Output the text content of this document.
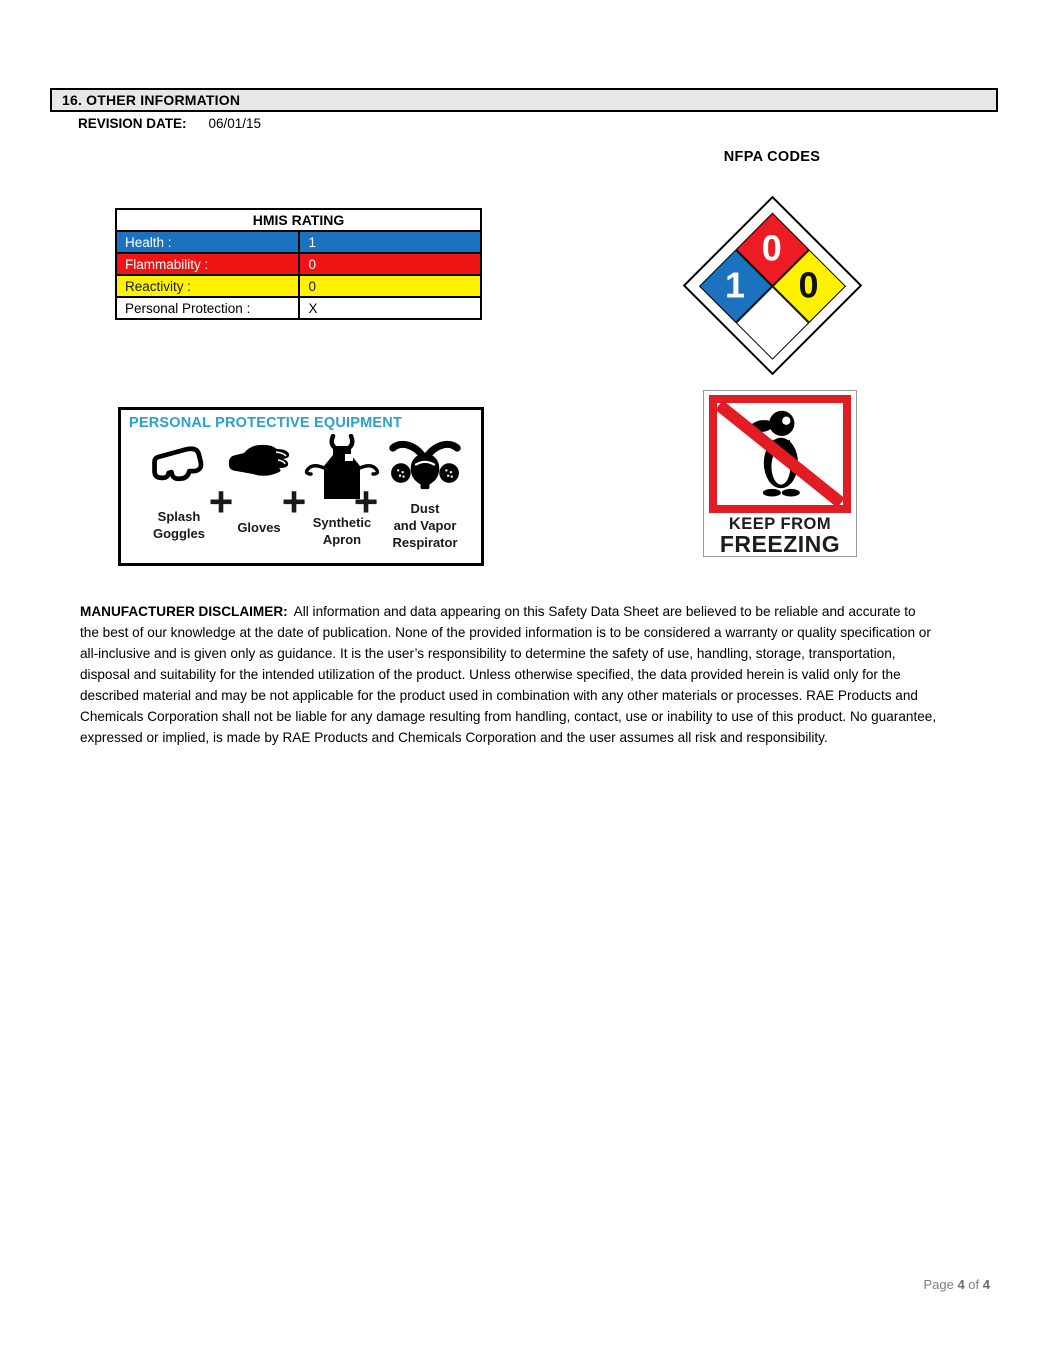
16. OTHER INFORMATION
REVISION DATE: 06/01/15
NFPA CODES
HMIS RATING	
Health :	1
Flammability :	0
Reactivity :	0
Personal Protection :	X
0
0
1
PERSONAL PROTECTIVE EQUIPMENT
Splash
Goggles
+
Gloves
+ Synthetic
Apron
+	Dust
and Vapor
Respirator
KEEP FROM
FREEZING

MANUFACTURER DISCLAIMER: All information and data appearing on this Safety Data Sheet are believed to be reliable and accurate to the best of our knowledge at the date of publication. None of the provided information is to be considered a warranty or quality specification or all-inclusive and is given only as guidance. It is the user’s responsibility to determine the safety of use, handling, storage, transportation, disposal and suitability for the intended utilization of the product. Unless otherwise specified, the data provided herein is valid only for the described material and may be not applicable for the product used in combination with any other materials or processes. RAE Products and Chemicals Corporation shall not be liable for any damage resulting from handling, contact, use or inability to use of this product. No guarantee, expressed or implied, is made by RAE Products and Chemicals Corporation and the user assumes all risk and responsibility.

Page 4 of 4
